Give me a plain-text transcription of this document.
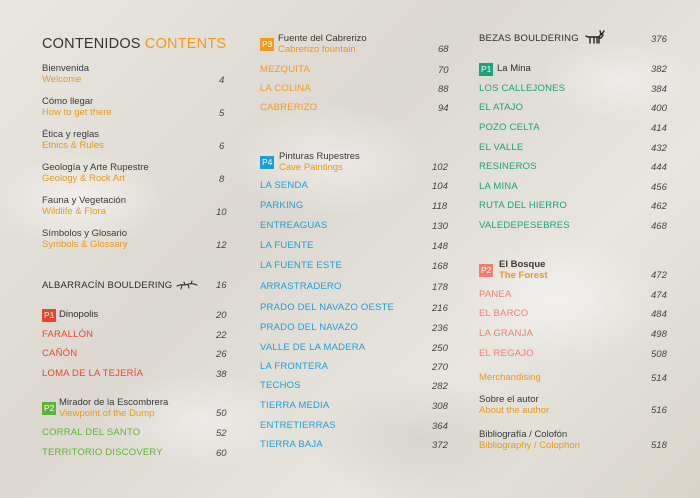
CONTENIDOS CONTENTS
Bienvenida
Welcome	4
Cómo llegar
How to get there	5
Ética y reglas
Ethics & Rules	6
Geología y Arte Rupestre
Geology & Rock Art	8
Fauna y Vegetación
Wildlife & Flora	10
Símbolos y Glosario
Symbols & Glossary	12
ALBARRACÍN BOULDERING	16
P1 Dinopolis	20
FARALLÓN	22
CAÑÓN	26
LOMA DE LA TEJERÍA	38
P2 Mirador de la Escombrera
Viewpoint of the Dump	50
CORRAL DEL SANTO	52
TERRITORIO DISCOVERY	60
P3 Fuente del Cabrerizo
Cabrerizo fountain	68
MEZQUITA	70
LA COLINA	88
CABRERIZO	94
P4 Pinturas Rupestres
Cave Paintings	102
LA SENDA	104
PARKING	118
ENTREAGUAS	130
LA FUENTE	148
LA FUENTE ESTE	168
ARRASTRADERO	178
PRADO DEL NAVAZO OESTE	216
PRADO DEL NAVAZO	236
VALLE DE LA MADERA	250
LA FRONTERA	270
TECHOS	282
TIERRA MEDIA	308
ENTRETIERRAS	364
TIERRA BAJA	372
BEZAS BOULDERING	376
P1 La Mina	382
LOS CALLEJONES	384
EL ATAJO	400
POZO CELTA	414
EL VALLE	432
RESINEROS	444
LA MINA	456
RUTA DEL HIERRO	462
VALEDEPESEBRES	468
P2 El Bosque
The Forest	472
PANEA	474
EL BARCO	484
LA GRANJA	498
EL REGAJO	508
Merchandising	514
Sobre el autor
About the author	516
Bibliografía / Colofón
Bibliography / Colophon	518
